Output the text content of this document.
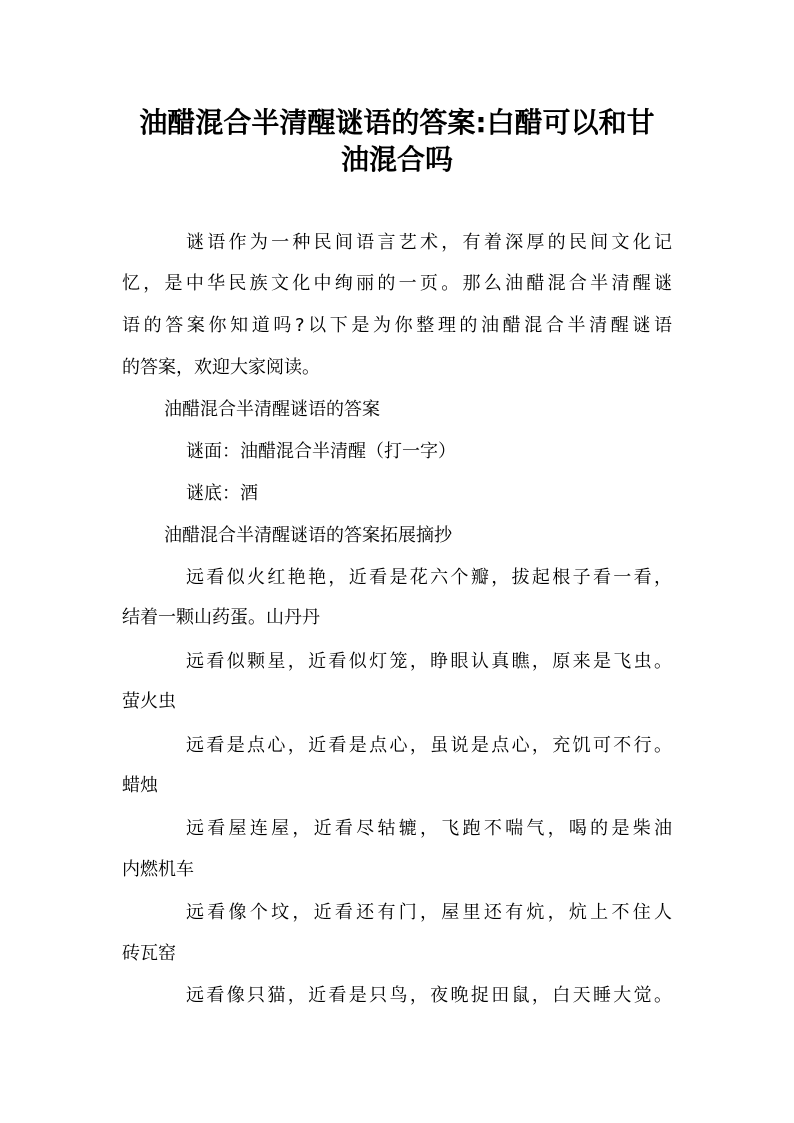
油醋混合半清醒谜语的答案:白醋可以和甘
油混合吗

谜语作为一种民间语言艺术，有着深厚的民间文化记

忆，是中华民族文化中绚丽的一页。那么油醋混合半清醒谜

语的答案你知道吗?以下是为你整理的油醋混合半清醒谜语

的答案，欢迎大家阅读。

油醋混合半清醒谜语的答案

谜面：油醋混合半清醒（打一字）

谜底：酒

油醋混合半清醒谜语的答案拓展摘抄

远看似火红艳艳，近看是花六个瓣，拔起根子看一看，

结着一颗山药蛋。山丹丹

远看似颗星，近看似灯笼，睁眼认真瞧，原来是飞虫。

萤火虫

远看是点心，近看是点心，虽说是点心，充饥可不行。

蜡烛

远看屋连屋，近看尽轱辘，飞跑不喘气，喝的是柴油

内燃机车

远看像个坟，近看还有门，屋里还有炕，炕上不住人

砖瓦窑

远看像只猫，近看是只鸟，夜晚捉田鼠，白天睡大觉。
